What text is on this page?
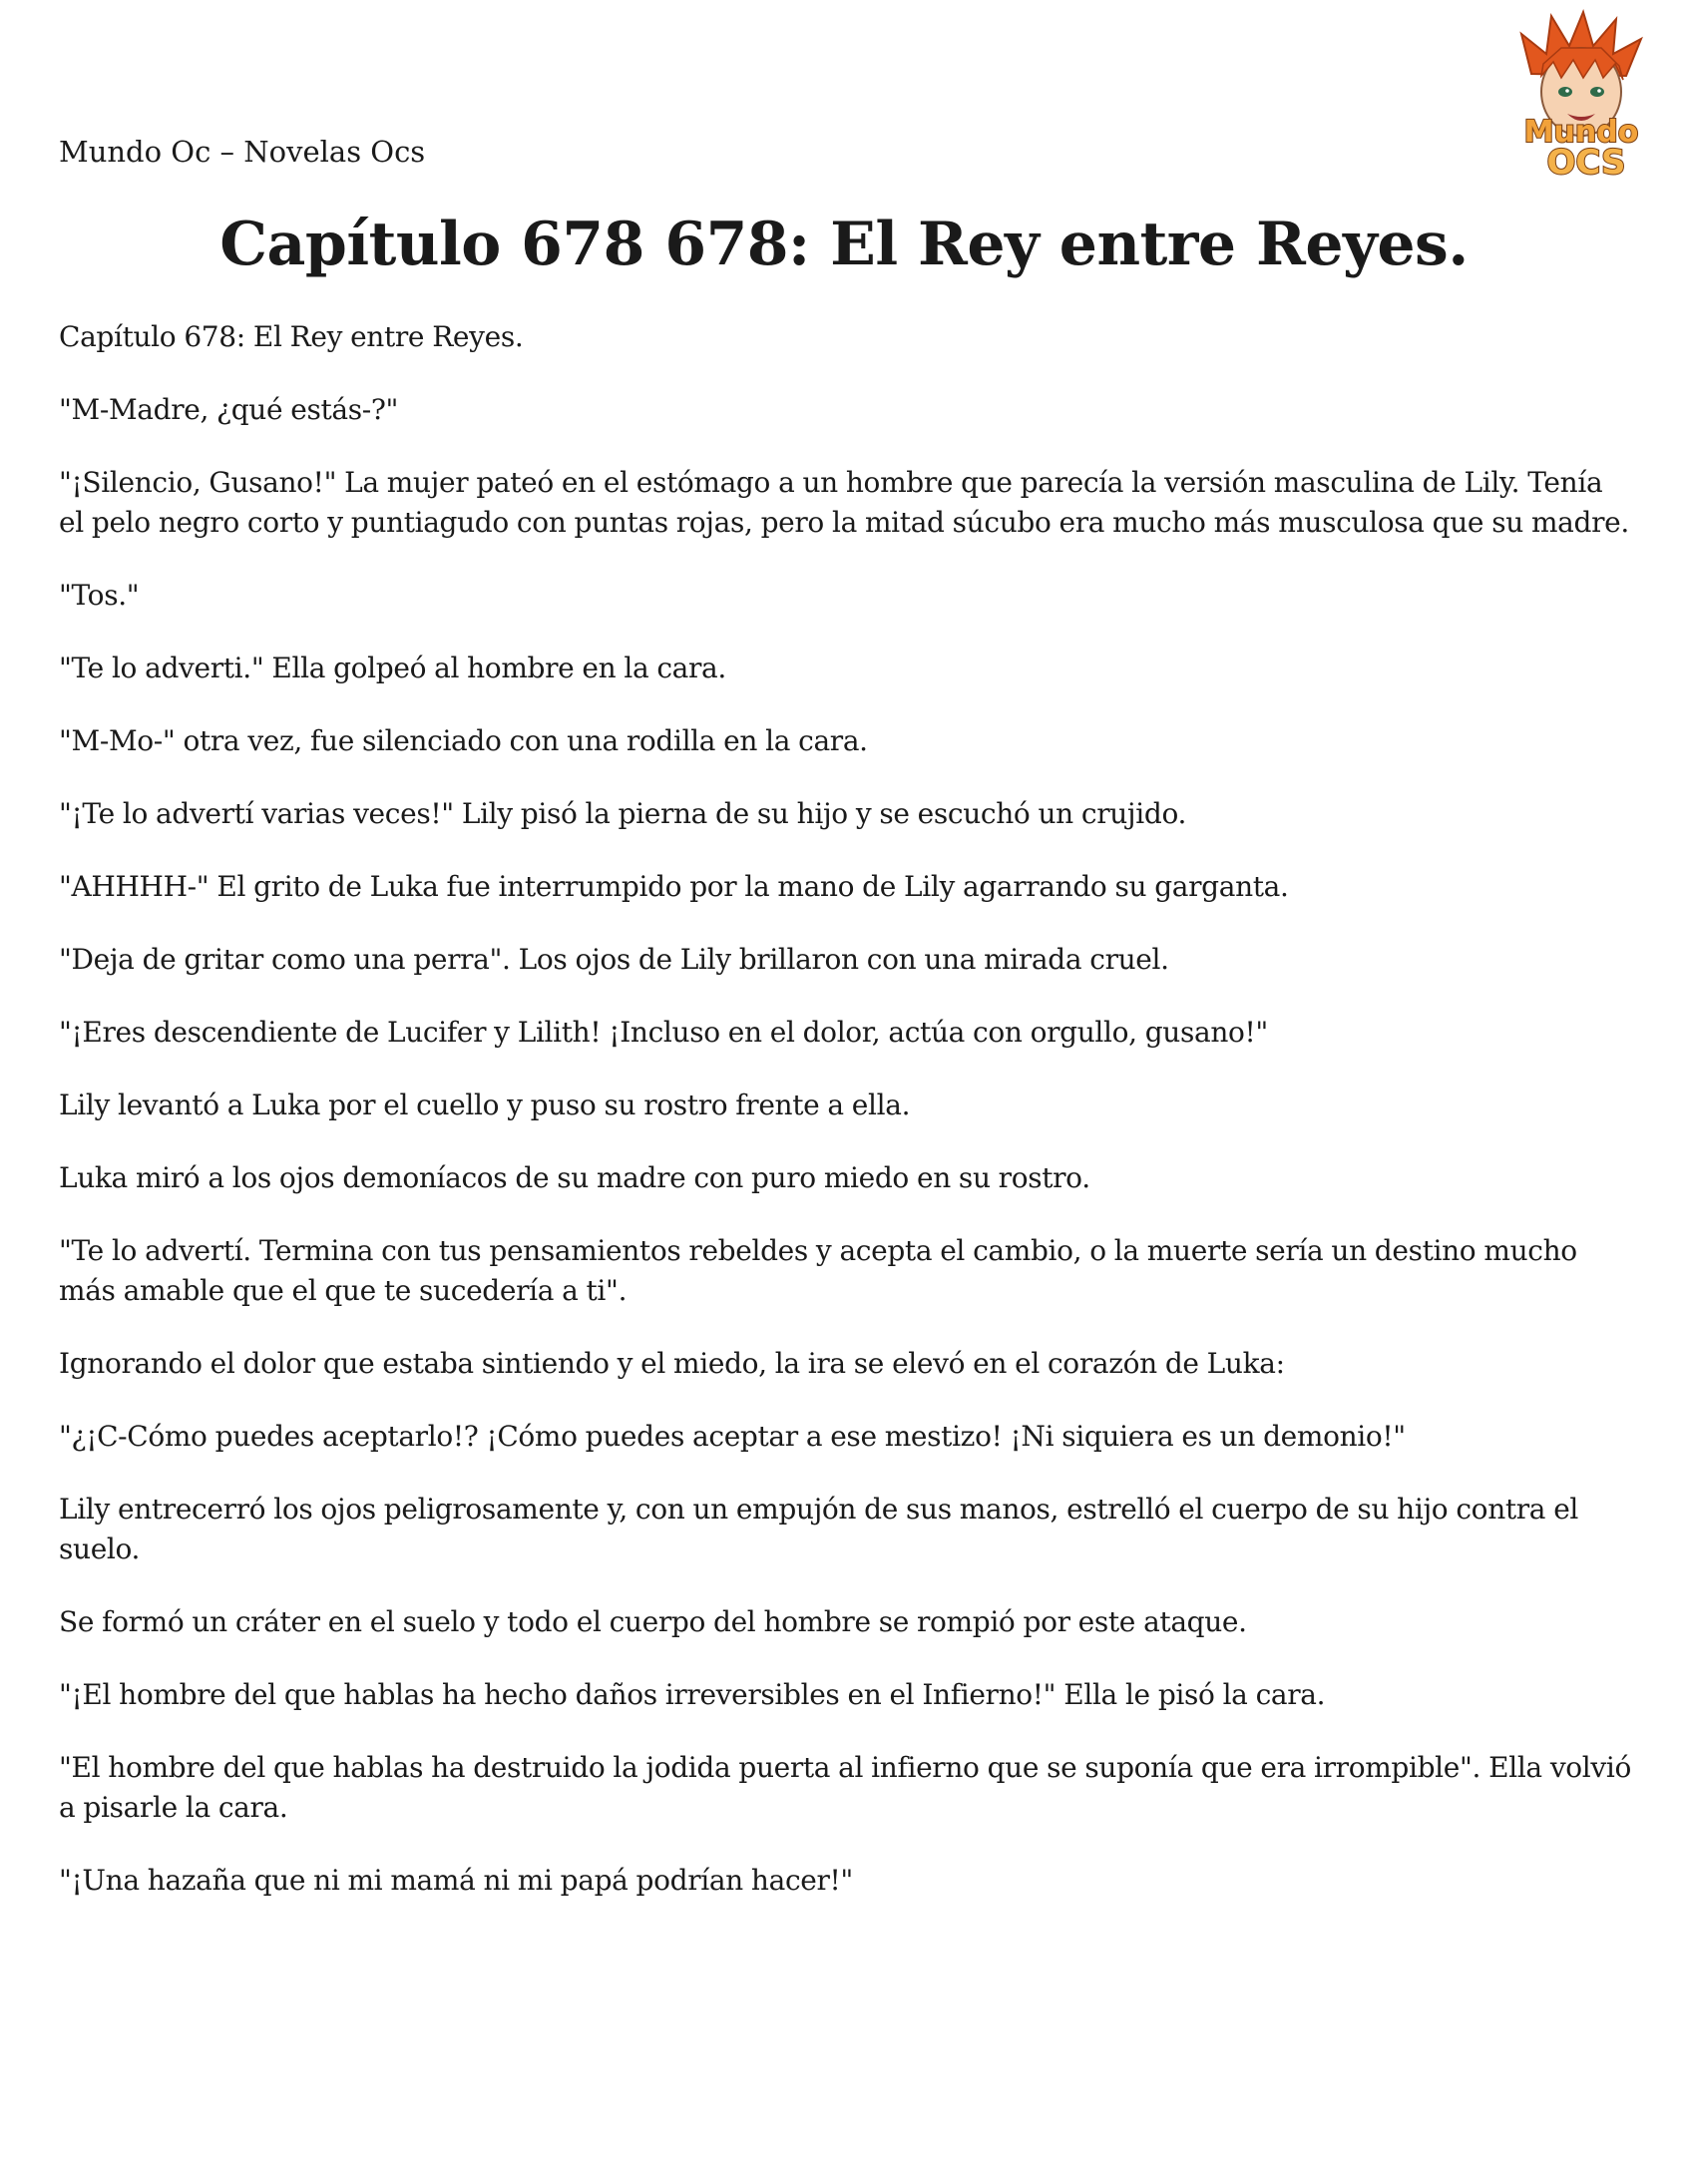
Mundo Oc – Novelas Ocs
Mundo
OCS
Capítulo 678 678: El Rey entre Reyes.

Capítulo 678: El Rey entre Reyes.

"M-Madre, ¿qué estás-?"

"¡Silencio, Gusano!" La mujer pateó en el estómago a un hombre que parecía la versión masculina de Lily. Tenía el pelo negro corto y puntiagudo con puntas rojas, pero la mitad súcubo era mucho más musculosa que su madre.

"Tos."

"Te lo adverti." Ella golpeó al hombre en la cara.

"M-Mo-" otra vez, fue silenciado con una rodilla en la cara.

"¡Te lo advertí varias veces!" Lily pisó la pierna de su hijo y se escuchó un crujido.

"AHHHH-" El grito de Luka fue interrumpido por la mano de Lily agarrando su garganta.

"Deja de gritar como una perra". Los ojos de Lily brillaron con una mirada cruel.

"¡Eres descendiente de Lucifer y Lilith! ¡Incluso en el dolor, actúa con orgullo, gusano!"

Lily levantó a Luka por el cuello y puso su rostro frente a ella.

Luka miró a los ojos demoníacos de su madre con puro miedo en su rostro.

"Te lo advertí. Termina con tus pensamientos rebeldes y acepta el cambio, o la muerte sería un destino mucho más amable que el que te sucedería a ti".

Ignorando el dolor que estaba sintiendo y el miedo, la ira se elevó en el corazón de Luka:

"¿¡C-Cómo puedes aceptarlo!? ¡Cómo puedes aceptar a ese mestizo! ¡Ni siquiera es un demonio!"

Lily entrecerró los ojos peligrosamente y, con un empujón de sus manos, estrelló el cuerpo de su hijo contra el suelo.

Se formó un cráter en el suelo y todo el cuerpo del hombre se rompió por este ataque.

"¡El hombre del que hablas ha hecho daños irreversibles en el Infierno!" Ella le pisó la cara.

"El hombre del que hablas ha destruido la jodida puerta al infierno que se suponía que era irrompible". Ella volvió a pisarle la cara.

"¡Una hazaña que ni mi mamá ni mi papá podrían hacer!"
